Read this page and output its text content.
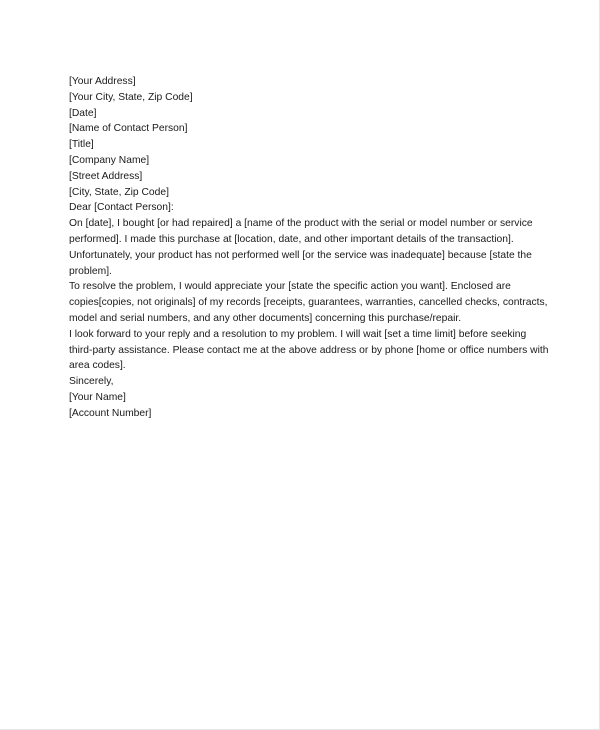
[Your Address]
[Your City, State, Zip Code]
[Date]
[Name of Contact Person]
[Title]
[Company Name]
[Street Address]
[City, State, Zip Code]
Dear [Contact Person]:
On [date], I bought [or had repaired] a [name of the product with the serial or model number or service performed]. I made this purchase at [location, date, and other important details of the transaction].
Unfortunately, your product has not performed well [or the service was inadequate] because [state the problem].
To resolve the problem, I would appreciate your [state the specific action you want]. Enclosed are copies[copies, not originals] of my records [receipts, guarantees, warranties, cancelled checks, contracts, model and serial numbers, and any other documents] concerning this purchase/repair.
I look forward to your reply and a resolution to my problem. I will wait [set a time limit] before seeking third-party assistance. Please contact me at the above address or by phone [home or office numbers with area codes].
Sincerely,
[Your Name]
[Account Number]
